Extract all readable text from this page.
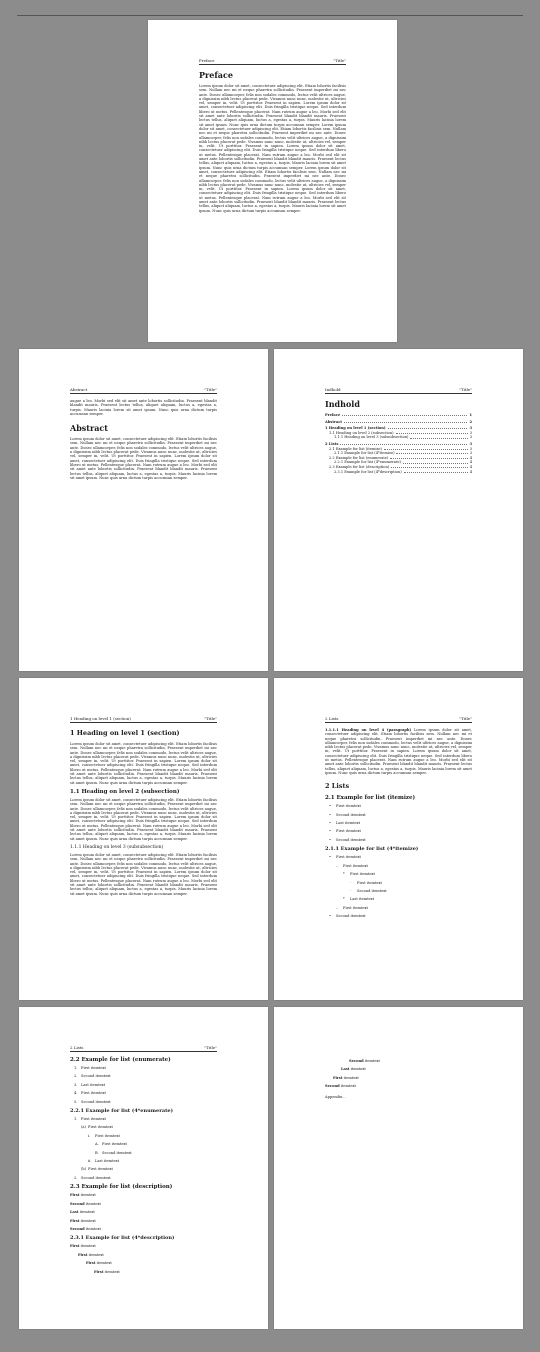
Preface	"Title"
Preface

Lorem ipsum dolor sit amet, consectetuer adipiscing elit. Etiam lobortis facilisis sem. Nullam nec mi et neque pharetra sollicitudin. Praesent imperdiet mi nec ante. Donec ullamcorper, felis non sodales commodo, lectus velit ultrices augue, a dignissim nibh lectus placerat pede. Vivamus nunc nunc, molestie ut, ultricies vel, semper in, velit. Ut porttitor. Praesent in sapien. Lorem ipsum dolor sit amet, consectetuer adipiscing elit. Duis fringilla tristique neque. Sed interdum libero ut metus. Pellentesque placerat. Nam rutrum augue a leo. Morbi sed elit sit amet ante lobortis sollicitudin. Praesent blandit blandit mauris. Praesent lectus tellus, aliquet aliquam, luctus a, egestas a, turpis. Mauris lacinia lorem sit amet ipsum. Nunc quis urna dictum turpis accumsan semper. Lorem ipsum dolor sit amet, consectetuer adipiscing elit. Etiam lobortis facilisis sem. Nullam nec mi et neque pharetra sollicitudin. Praesent imperdiet mi nec ante. Donec ullamcorper, felis non sodales commodo, lectus velit ultrices augue, a dignissim nibh lectus placerat pede. Vivamus nunc nunc, molestie ut, ultricies vel, semper in, velit. Ut porttitor. Praesent in sapien. Lorem ipsum dolor sit amet, consectetuer adipiscing elit. Duis fringilla tristique neque. Sed interdum libero ut metus. Pellentesque placerat. Nam rutrum augue a leo. Morbi sed elit sit amet ante lobortis sollicitudin. Praesent blandit blandit mauris. Praesent lectus tellus, aliquet aliquam, luctus a, egestas a, turpis. Mauris lacinia lorem sit amet ipsum. Nunc quis urna dictum turpis accumsan semper. Lorem ipsum dolor sit amet, consectetuer adipiscing elit. Etiam lobortis facilisis sem. Nullam nec mi et neque pharetra sollicitudin. Praesent imperdiet mi nec ante. Donec ullamcorper, felis non sodales commodo, lectus velit ultrices augue, a dignissim nibh lectus placerat pede. Vivamus nunc nunc, molestie ut, ultricies vel, semper in, velit. Ut porttitor. Praesent in sapien. Lorem ipsum dolor sit amet, consectetuer adipiscing elit. Duis fringilla tristique neque. Sed interdum libero ut metus. Pellentesque placerat. Nam rutrum augue a leo. Morbi sed elit sit amet ante lobortis sollicitudin. Praesent blandit blandit mauris. Praesent lectus tellus, aliquet aliquam, luctus a, egestas a, turpis. Mauris lacinia lorem sit amet ipsum. Nunc quis urna dictum turpis accumsan semper.

Abstract	"Title"

augue a leo. Morbi sed elit sit amet ante lobortis sollicitudin. Praesent blandit blandit mauris. Praesent lectus tellus, aliquet aliquam, luctus a, egestas a, turpis. Mauris lacinia lorem sit amet ipsum. Nunc quis urna dictum turpis accumsan semper.

Abstract

Lorem ipsum dolor sit amet, consectetuer adipiscing elit. Etiam lobortis facilisis sem. Nullam nec mi et neque pharetra sollicitudin. Praesent imperdiet mi nec ante. Donec ullamcorper, felis non sodales commodo, lectus velit ultrices augue, a dignissim nibh lectus placerat pede. Vivamus nunc nunc, molestie ut, ultricies vel, semper in, velit. Ut porttitor. Praesent in sapien. Lorem ipsum dolor sit amet, consectetuer adipiscing elit. Duis fringilla tristique neque. Sed interdum libero ut metus. Pellentesque placerat. Nam rutrum augue a leo. Morbi sed elit sit amet ante lobortis sollicitudin. Praesent blandit blandit mauris. Praesent lectus tellus, aliquet aliquam, luctus a, egestas a, turpis. Mauris lacinia lorem sit amet ipsum. Nunc quis urna dictum turpis accumsan semper.

Indhold	"Title"
Indhold
Preface	1
Abstract	2
1 Heading on level 1 (section)	3
1.1 Heading on level 2 (subsection)	3
1.1.1 Heading on level 3 (subsubsection)	3
2 Lists	3
2.1 Example for list (itemize)	3
2.1.1 Example for list (4*itemize)	3
2.2 Example for list (enumerate)	4
2.2.1 Example for list (4*enumerate)	4
2.3 Example for list (description)	4
2.3.1 Example for list (4*description)	4
1 Heading on level 1 (section)	"Title"
1 Heading on level 1 (section)

Lorem ipsum dolor sit amet, consectetuer adipiscing elit. Etiam lobortis facilisis sem. Nullam nec mi et neque pharetra sollicitudin. Praesent imperdiet mi nec ante. Donec ullamcorper, felis non sodales commodo, lectus velit ultrices augue, a dignissim nibh lectus placerat pede. Vivamus nunc nunc, molestie ut, ultricies vel, semper in, velit. Ut porttitor. Praesent in sapien. Lorem ipsum dolor sit amet, consectetuer adipiscing elit. Duis fringilla tristique neque. Sed interdum libero ut metus. Pellentesque placerat. Nam rutrum augue a leo. Morbi sed elit sit amet ante lobortis sollicitudin. Praesent blandit blandit mauris. Praesent lectus tellus, aliquet aliquam, luctus a, egestas a, turpis. Mauris lacinia lorem sit amet ipsum. Nunc quis urna dictum turpis accumsan semper.

1.1 Heading on level 2 (subsection)

Lorem ipsum dolor sit amet, consectetuer adipiscing elit. Etiam lobortis facilisis sem. Nullam nec mi et neque pharetra sollicitudin. Praesent imperdiet mi nec ante. Donec ullamcorper, felis non sodales commodo, lectus velit ultrices augue, a dignissim nibh lectus placerat pede. Vivamus nunc nunc, molestie ut, ultricies vel, semper in, velit. Ut porttitor. Praesent in sapien. Lorem ipsum dolor sit amet, consectetuer adipiscing elit. Duis fringilla tristique neque. Sed interdum libero ut metus. Pellentesque placerat. Nam rutrum augue a leo. Morbi sed elit sit amet ante lobortis sollicitudin. Praesent blandit blandit mauris. Praesent lectus tellus, aliquet aliquam, luctus a, egestas a, turpis. Mauris lacinia lorem sit amet ipsum. Nunc quis urna dictum turpis accumsan semper.

1.1.1 Heading on level 3 (subsubsection)

Lorem ipsum dolor sit amet, consectetuer adipiscing elit. Etiam lobortis facilisis sem. Nullam nec mi et neque pharetra sollicitudin. Praesent imperdiet mi nec ante. Donec ullamcorper, felis non sodales commodo, lectus velit ultrices augue, a dignissim nibh lectus placerat pede. Vivamus nunc nunc, molestie ut, ultricies vel, semper in, velit. Ut porttitor. Praesent in sapien. Lorem ipsum dolor sit amet, consectetuer adipiscing elit. Duis fringilla tristique neque. Sed interdum libero ut metus. Pellentesque placerat. Nam rutrum augue a leo. Morbi sed elit sit amet ante lobortis sollicitudin. Praesent blandit blandit mauris. Praesent lectus tellus, aliquet aliquam, luctus a, egestas a, turpis. Mauris lacinia lorem sit amet ipsum. Nunc quis urna dictum turpis accumsan semper.

2 Lists	"Title"

1.1.1.1 Heading on level 4 (paragraph) Lorem ipsum dolor sit amet, consectetuer adipiscing elit. Etiam lobortis facilisis sem. Nullam nec mi et neque pharetra sollicitudin. Praesent imperdiet mi nec ante. Donec ullamcorper, felis non sodales commodo, lectus velit ultrices augue, a dignissim nibh lectus placerat pede. Vivamus nunc nunc, molestie ut, ultricies vel, semper in, velit. Ut porttitor. Praesent in sapien. Lorem ipsum dolor sit amet, consectetuer adipiscing elit. Duis fringilla tristique neque. Sed interdum libero ut metus. Pellentesque placerat. Nam rutrum augue a leo. Morbi sed elit sit amet ante lobortis sollicitudin. Praesent blandit blandit mauris. Praesent lectus tellus, aliquet aliquam, luctus a, egestas a, turpis. Mauris lacinia lorem sit amet ipsum. Nunc quis urna dictum turpis accumsan semper.

2 Lists
2.1 Example for list (itemize)
• First itemtext
• Second itemtext
• Last itemtext
• First itemtext
• Second itemtext
2.1.1 Example for list (4*itemize)
• First itemtext
– First itemtext
* First itemtext
· First itemtext
· Second itemtext
* Last itemtext
– First itemtext
• Second itemtext
2 Lists	"Title"
2.2 Example for list (enumerate)
1. First itemtext
2. Second itemtext
3. Last itemtext
4. First itemtext
5. Second itemtext
2.2.1 Example for list (4*enumerate)
1. First itemtext
(a) First itemtext
i. First itemtext
A. First itemtext
B. Second itemtext
ii. Last itemtext
(b) First itemtext
2. Second itemtext
2.3 Example for list (description)
First itemtext
Second itemtext
Last itemtext
First itemtext
Second itemtext
2.3.1 Example for list (4*description)
First itemtext
First itemtext
First itemtext
First itemtext
Second itemtext
Last itemtext
First itemtext
Second itemtext
Appendix...
